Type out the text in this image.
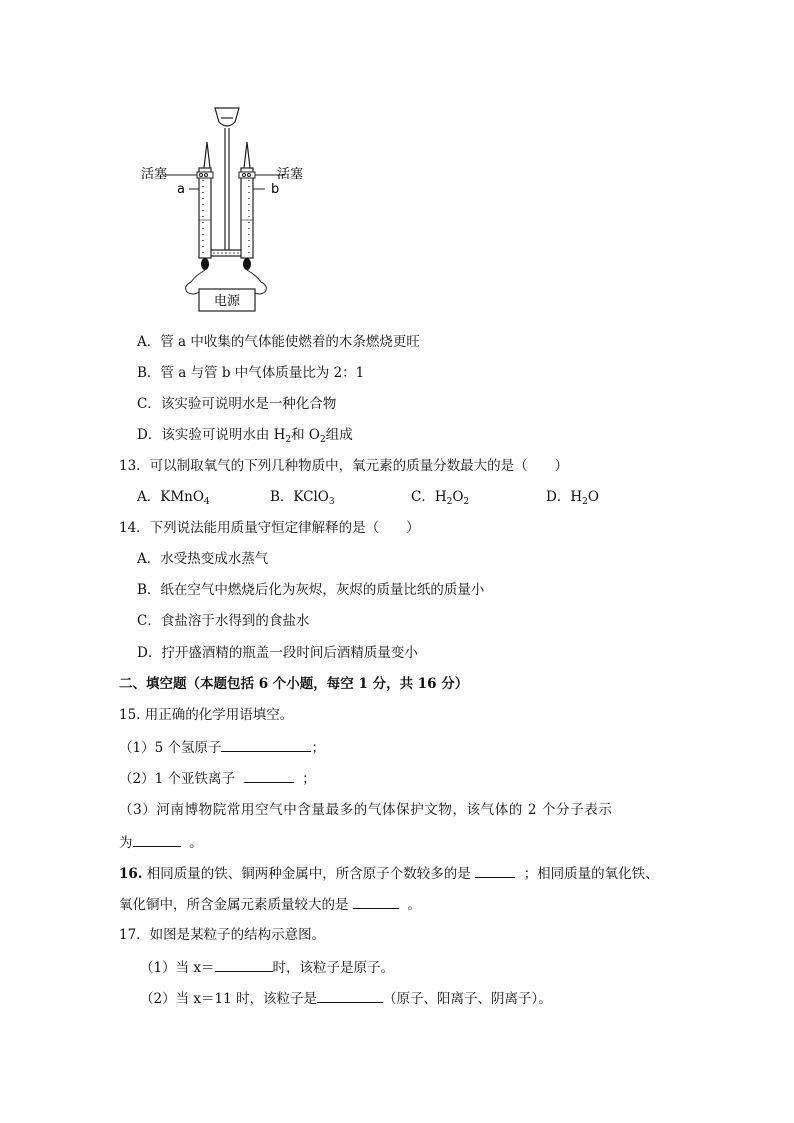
电源
活塞	活塞
a	b
A．管 a 中收集的气体能使燃着的木条燃烧更旺
B．管 a 与管 b 中气体质量比为 2：1
C．该实验可说明水是一种化合物
D．该实验可说明水由 $H_2$和 $O_2$组成
13．可以制取氧气的下列几种物质中，氧元素的质量分数最大的是（　　）
A．KMnO$_4$	B．KClO$_3$	C．$H_2O_2$	D．$H_2O$
14．下列说法能用质量守恒定律解释的是（　　）
A．水受热变成水蒸气
B．纸在空气中燃烧后化为灰烬，灰烬的质量比纸的质量小
C．食盐溶于水得到的食盐水
D．拧开盛酒精的瓶盖一段时间后酒精质量变小
二、填空题（本题包括 6 个小题，每空 1 分，共 16 分）
15. 用正确的化学用语填空。
（1）5 个氢原子	；
（2）1 个亚铁离子	；
（3）河南博物院常用空气中含量最多的气体保护文物，该气体的 2 个分子表示
为	。
16. 相同质量的铁、铜两种金属中，所含原子个数较多的是	；相同质量的氧化铁、
氧化铜中，所含金属元素质量较大的是	。
17．如图是某粒子的结构示意图。
（1）当 x＝	时，该粒子是原子。
（2）当 x＝11 时，该粒子是	（原子、阳离子、阴离子）。
